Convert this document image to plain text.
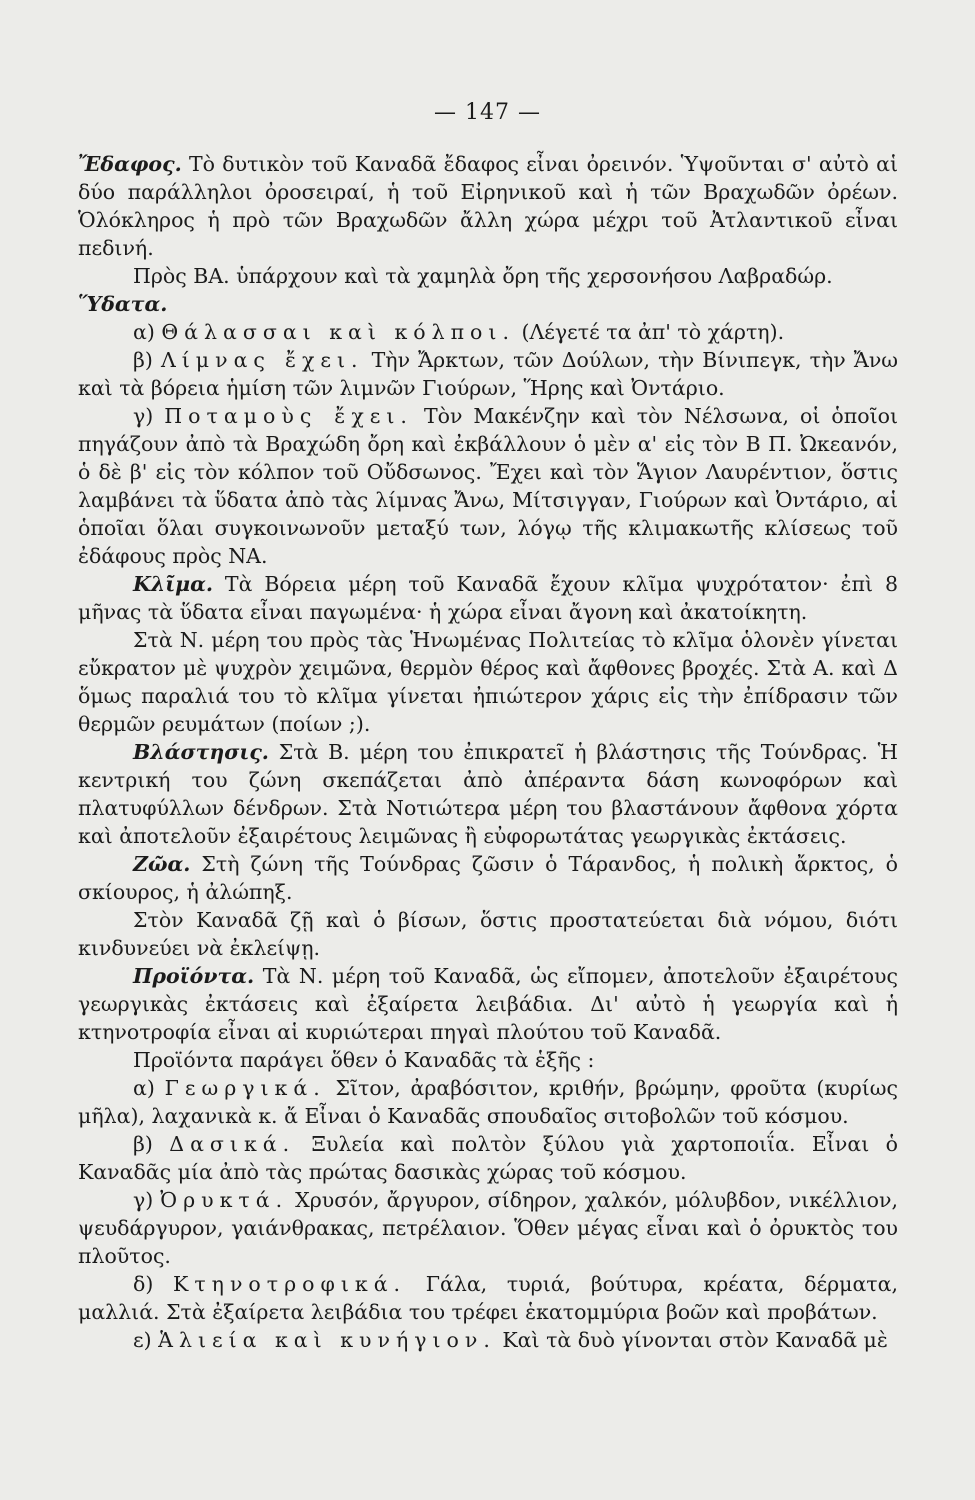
— 147 —

Ἔδαφος. Τὸ δυτικὸν τοῦ Καναδᾶ ἔδαφος εἶναι ὀρεινόν. Ὑψοῦνται σ' αὐτὸ αἱ δύο παράλληλοι ὀροσειραί, ἡ τοῦ Εἰρηνικοῦ καὶ ἡ τῶν Βραχωδῶν ὀρέων. Ὁλόκληρος ἡ πρὸ τῶν Βραχωδῶν ἄλλη χώρα μέχρι τοῦ Ἀτλαντικοῦ εἶναι πεδινή.

Πρὸς ΒΑ. ὑπάρχουν καὶ τὰ χαμηλὰ ὄρη τῆς χερσονήσου Λαβραδώρ.

Ὕδατα.

α) Θάλασσαι καὶ κόλποι. (Λέγετέ τα ἀπ' τὸ χάρτη).

β) Λίμνας ἔχει. Τὴν Ἄρκτων, τῶν Δούλων, τὴν Βίνιπεγκ, τὴν Ἄνω καὶ τὰ βόρεια ἡμίση τῶν λιμνῶν Γιούρων, Ἥρης καὶ Ὀντάριο.

γ) Ποταμοὺς ἔχει. Τὸν Μακένζην καὶ τὸν Νέλσωνα, οἱ ὁποῖοι πηγάζουν ἀπὸ τὰ Βραχώδη ὄρη καὶ ἐκβάλλουν ὁ μὲν α' εἰς τὸν Β Π. Ὠκεανόν, ὁ δὲ β' εἰς τὸν κόλπον τοῦ Οὔδσωνος. Ἔχει καὶ τὸν Ἅγιον Λαυρέντιον, ὅστις λαμβάνει τὰ ὕδατα ἀπὸ τὰς λίμνας Ἄνω, Μίτσιγγαν, Γιούρων καὶ Ὀντάριο, αἱ ὁποῖαι ὅλαι συγκοινωνοῦν μεταξύ των, λόγῳ τῆς κλιμακωτῆς κλίσεως τοῦ ἐδάφους πρὸς ΝΑ.

Κλῖμα. Τὰ Βόρεια μέρη τοῦ Καναδᾶ ἔχουν κλῖμα ψυχρότατον· ἐπὶ 8 μῆνας τὰ ὕδατα εἶναι παγωμένα· ἡ χώρα εἶναι ἄγονη καὶ ἀκατοίκητη.

Στὰ Ν. μέρη του πρὸς τὰς Ἡνωμένας Πολιτείας τὸ κλῖμα ὁλονὲν γίνεται εὔκρατον μὲ ψυχρὸν χειμῶνα, θερμὸν θέρος καὶ ἄφθονες βροχές. Στὰ Α. καὶ Δ ὅμως παραλιά του τὸ κλῖμα γίνεται ἠπιώτερον χάρις εἰς τὴν ἐπίδρασιν τῶν θερμῶν ρευμάτων (ποίων ;).

Βλάστησις. Στὰ Β. μέρη του ἐπικρατεῖ ἡ βλάστησις τῆς Τούνδρας. Ἡ κεντρική του ζώνη σκεπάζεται ἀπὸ ἀπέραντα δάση κωνοφόρων καὶ πλατυφύλλων δένδρων. Στὰ Νοτιώτερα μέρη του βλαστάνουν ἄφθονα χόρτα καὶ ἀποτελοῦν ἐξαιρέτους λειμῶνας ἢ εὐφορωτάτας γεωργικὰς ἐκτάσεις.

Ζῶα. Στὴ ζώνη τῆς Τούνδρας ζῶσιν ὁ Τάρανδος, ἡ πολικὴ ἄρκτος, ὁ σκίουρος, ἡ ἀλώπηξ.

Στὸν Καναδᾶ ζῇ καὶ ὁ βίσων, ὅστις προστατεύεται διὰ νόμου, διότι κινδυνεύει νὰ ἐκλείψῃ.

Προϊόντα. Τὰ Ν. μέρη τοῦ Καναδᾶ, ὡς εἴπομεν, ἀποτελοῦν ἐξαιρέτους γεωργικὰς ἐκτάσεις καὶ ἐξαίρετα λειβάδια. Δι' αὐτὸ ἡ γεωργία καὶ ἡ κτηνοτροφία εἶναι αἱ κυριώτεραι πηγαὶ πλούτου τοῦ Καναδᾶ.

Προϊόντα παράγει ὅθεν ὁ Καναδᾶς τὰ ἑξῆς :

α) Γεωργικά. Σῖτον, ἀραβόσιτον, κριθήν, βρώμην, φροῦτα (κυρίως μῆλα), λαχανικὰ κ. ἄ Εἶναι ὁ Καναδᾶς σπουδαῖος σιτοβολῶν τοῦ κόσμου.

β) Δασικά. Ξυλεία καὶ πολτὸν ξύλου γιὰ χαρτοποιΐα. Εἶναι ὁ Καναδᾶς μία ἀπὸ τὰς πρώτας δασικὰς χώρας τοῦ κόσμου.

γ) Ὀρυκτά. Χρυσόν, ἄργυρον, σίδηρον, χαλκόν, μόλυβδον, νικέλλιον, ψευδάργυρον, γαιάνθρακας, πετρέλαιον. Ὅθεν μέγας εἶναι καὶ ὁ ὀρυκτὸς του πλοῦτος.

δ) Κτηνοτροφικά. Γάλα, τυριά, βούτυρα, κρέατα, δέρματα, μαλλιά. Στὰ ἐξαίρετα λειβάδια του τρέφει ἑκατομμύρια βοῶν καὶ προβάτων.

ε) Ἁλιεία καὶ κυνήγιον. Καὶ τὰ δυὸ γίνονται στὸν Καναδᾶ μὲ
